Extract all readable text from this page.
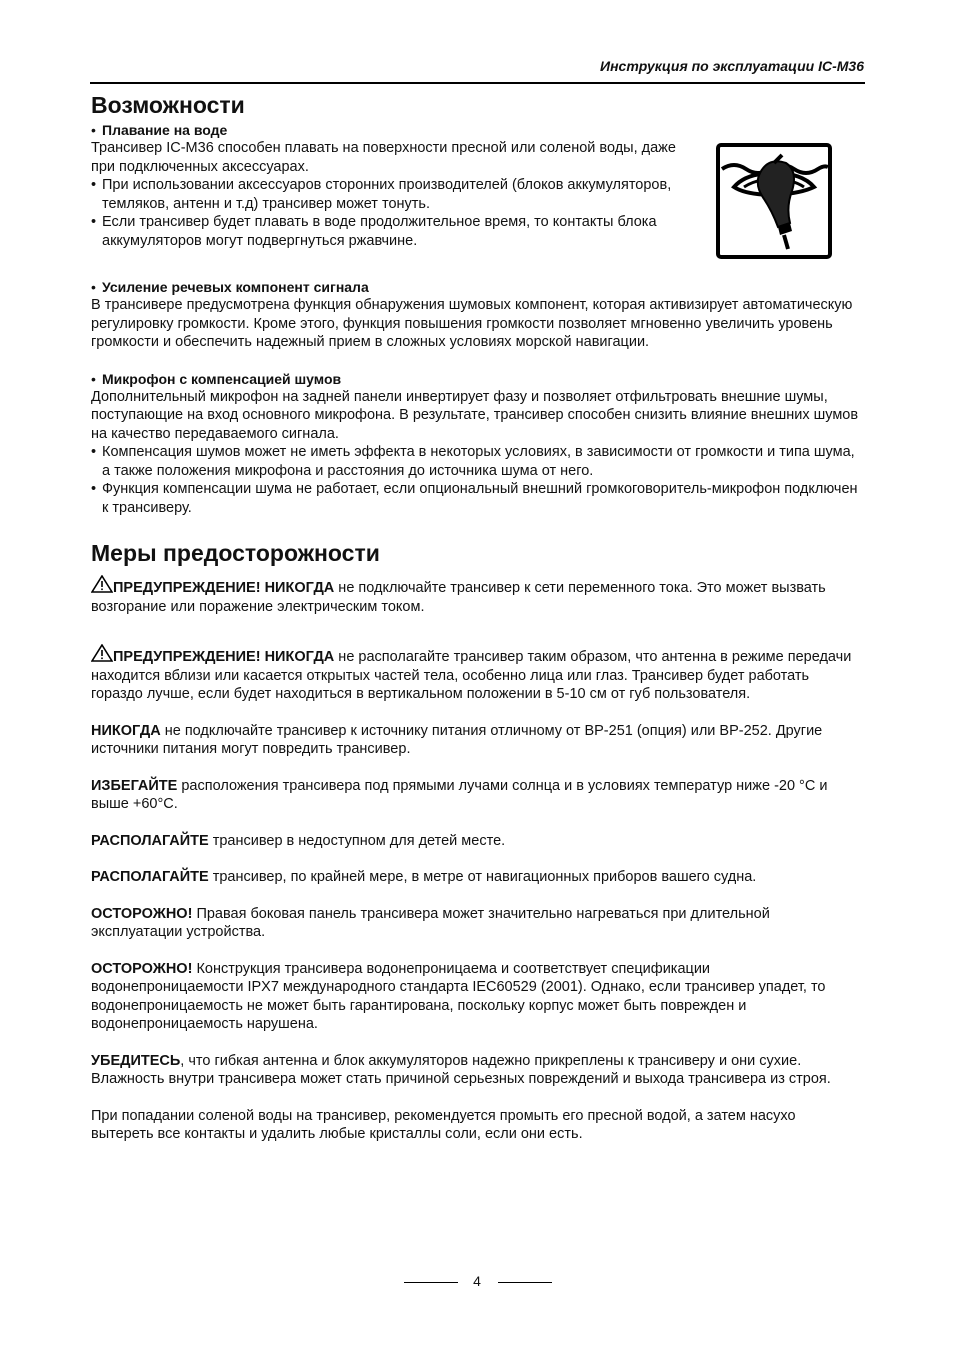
Инструкция по эксплуатации IC-M36
Возможности

• Плавание на воде

Трансивер IC-M36 способен плавать на поверхности пресной или соленой воды, даже при подключенных аксессуарах.

• При использовании аксессуаров сторонних производителей (блоков аккумуляторов, темляков, антенн и т.д) трансивер может тонуть.

• Если трансивер будет плавать в воде продолжительное время, то контакты блока аккумуляторов могут подвергнуться ржавчине.

• Усиление речевых компонент сигнала

В трансивере предусмотрена функция обнаружения шумовых компонент, которая активизирует автоматическую регулировку громкости. Кроме этого, функция повышения громкости позволяет мгновенно увеличить уровень громкости и обеспечить надежный прием в сложных условиях морской навигации.

• Микрофон с компенсацией шумов

Дополнительный микрофон на задней панели инвертирует фазу и позволяет отфильтровать внешние шумы, поступающие на вход основного микрофона. В результате, трансивер способен снизить влияние внешних шумов на качество передаваемого сигнала.

• Компенсация шумов может не иметь эффекта в некоторых условиях, в зависимости от громкости и типа шума, а также положения микрофона и расстояния до источника шума от него.

• Функция компенсации шума не работает, если опциональный внешний громкоговоритель-микрофон подключен к трансиверу.

Меры предосторожности

ПРЕДУПРЕЖДЕНИЕ! НИКОГДА не подключайте трансивер к сети переменного тока. Это может вызвать возгорание или поражение электрическим током.

ПРЕДУПРЕЖДЕНИЕ! НИКОГДА не располагайте трансивер таким образом, что антенна в режиме передачи находится вблизи или касается открытых частей тела, особенно лица или глаз. Трансивер будет работать гораздо лучше, если будет находиться в вертикальном положении в 5-10 см от губ пользователя.

НИКОГДА не подключайте трансивер к источнику питания отличному от BP-251 (опция) или BP-252. Другие источники питания могут повредить трансивер.

ИЗБЕГАЙТЕ расположения трансивера под прямыми лучами солнца и в условиях температур ниже -20 °C и выше +60°C.

РАСПОЛАГАЙТЕ трансивер в недоступном для детей месте.

РАСПОЛАГАЙТЕ трансивер, по крайней мере, в метре от навигационных приборов вашего судна.

ОСТОРОЖНО! Правая боковая панель трансивера может значительно нагреваться при длительной эксплуатации устройства.

ОСТОРОЖНО! Конструкция трансивера водонепроницаема и соответствует спецификации водонепроницаемости IPX7 международного стандарта IEC60529 (2001). Однако, если трансивер упадет, то водонепроницаемость не может быть гарантирована, поскольку корпус может быть поврежден и водонепроницаемость нарушена.

УБЕДИТЕСЬ, что гибкая антенна и блок аккумуляторов надежно прикреплены к трансиверу и они сухие. Влажность внутри трансивера может стать причиной серьезных повреждений и выхода трансивера из строя.

При попадании соленой воды на трансивер, рекомендуется промыть его пресной водой, а затем насухо вытереть все контакты и удалить любые кристаллы соли, если они есть.

4
